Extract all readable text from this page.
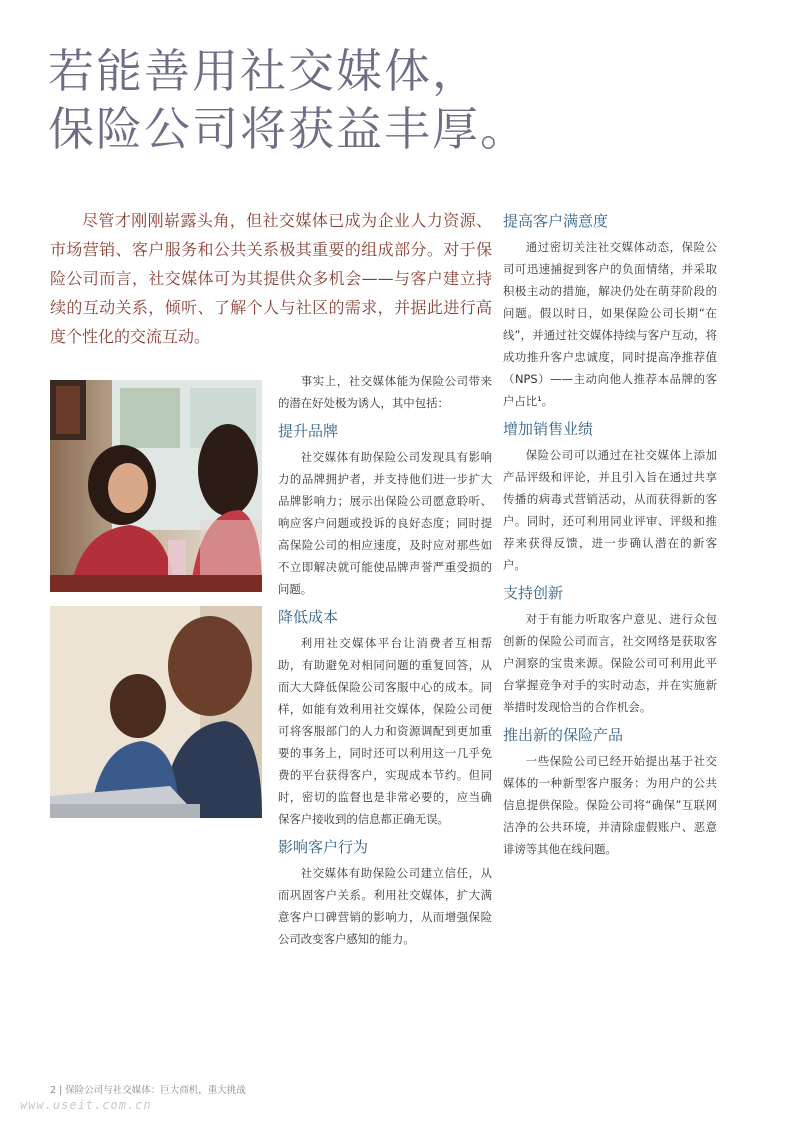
若能善用社交媒体，
保险公司将获益丰厚。

尽管才刚刚崭露头角，但社交媒体已成为企业人力资源、市场营销、客户服务和公共关系极其重要的组成部分。对于保险公司而言，社交媒体可为其提供众多机会——与客户建立持续的互动关系，倾听、了解个人与社区的需求，并据此进行高度个性化的交流互动。

事实上，社交媒体能为保险公司带来的潜在好处极为诱人，其中包括：

提升品牌

社交媒体有助保险公司发现具有影响力的品牌拥护者，并支持他们进一步扩大品牌影响力；展示出保险公司愿意聆听、响应客户问题或投诉的良好态度；同时提高保险公司的相应速度，及时应对那些如不立即解决就可能使品牌声誉严重受损的问题。

降低成本

利用社交媒体平台让消费者互相帮助，有助避免对相同问题的重复回答，从而大大降低保险公司客服中心的成本。同样，如能有效利用社交媒体，保险公司便可将客服部门的人力和资源调配到更加重要的事务上，同时还可以利用这一几乎免费的平台获得客户，实现成本节约。但同时，密切的监督也是非常必要的，应当确保客户接收到的信息都正确无误。

影响客户行为

社交媒体有助保险公司建立信任，从而巩固客户关系。利用社交媒体，扩大满意客户口碑营销的影响力，从而增强保险公司改变客户感知的能力。

提高客户满意度

通过密切关注社交媒体动态，保险公司可迅速捕捉到客户的负面情绪，并采取积极主动的措施，解决仍处在萌芽阶段的问题。假以时日，如果保险公司长期“在线”，并通过社交媒体持续与客户互动，将成功推升客户忠诚度，同时提高净推荐值（NPS）——主动向他人推荐本品牌的客户占比¹。

增加销售业绩

保险公司可以通过在社交媒体上添加产品评级和评论，并且引入旨在通过共享传播的病毒式营销活动，从而获得新的客户。同时，还可利用同业评审、评级和推荐来获得反馈，进一步确认潜在的新客户。

支持创新

对于有能力听取客户意见、进行众包创新的保险公司而言，社交网络是获取客户洞察的宝贵来源。保险公司可利用此平台掌握竞争对手的实时动态，并在实施新举措时发现恰当的合作机会。

推出新的保险产品

一些保险公司已经开始提出基于社交媒体的一种新型客户服务：为用户的公共信息提供保险。保险公司将“确保”互联网洁净的公共环境，并清除虚假账户、恶意诽谤等其他在线问题。

2 | 保险公司与社交媒体：巨大商机，重大挑战
www.useit.com.cn
